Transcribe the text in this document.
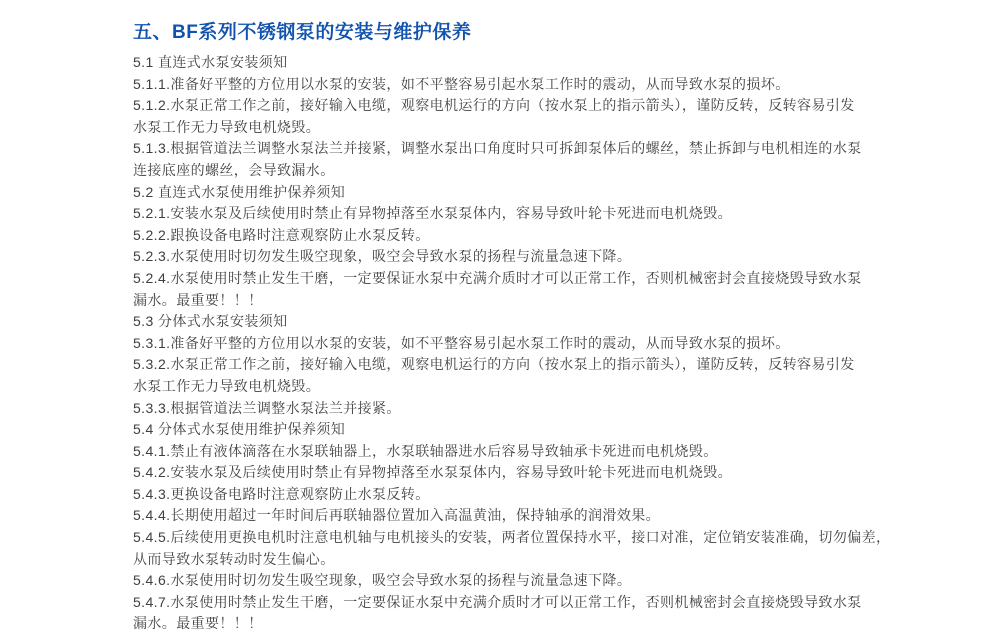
五、BF系列不锈钢泵的安装与维护保养
5.1 直连式水泵安装须知
5.1.1.准备好平整的方位用以水泵的安装，如不平整容易引起水泵工作时的震动，从而导致水泵的损坏。
5.1.2.水泵正常工作之前，接好输入电缆，观察电机运行的方向（按水泵上的指示箭头），谨防反转，反转容易引发
水泵工作无力导致电机烧毁。
5.1.3.根据管道法兰调整水泵法兰并接紧，调整水泵出口角度时只可拆卸泵体后的螺丝，禁止拆卸与电机相连的水泵
连接底座的螺丝，会导致漏水。
5.2 直连式水泵使用维护保养须知
5.2.1.安装水泵及后续使用时禁止有异物掉落至水泵泵体内，容易导致叶轮卡死进而电机烧毁。
5.2.2.跟换设备电路时注意观察防止水泵反转。
5.2.3.水泵使用时切勿发生吸空现象，吸空会导致水泵的扬程与流量急速下降。
5.2.4.水泵使用时禁止发生干磨，一定要保证水泵中充满介质时才可以正常工作，否则机械密封会直接烧毁导致水泵
漏水。最重要！！！
5.3 分体式水泵安装须知
5.3.1.准备好平整的方位用以水泵的安装，如不平整容易引起水泵工作时的震动，从而导致水泵的损坏。
5.3.2.水泵正常工作之前，接好输入电缆，观察电机运行的方向（按水泵上的指示箭头），谨防反转，反转容易引发
水泵工作无力导致电机烧毁。
5.3.3.根据管道法兰调整水泵法兰并接紧。
5.4 分体式水泵使用维护保养须知
5.4.1.禁止有液体滴落在水泵联轴器上，水泵联轴器进水后容易导致轴承卡死进而电机烧毁。
5.4.2.安装水泵及后续使用时禁止有异物掉落至水泵泵体内，容易导致叶轮卡死进而电机烧毁。
5.4.3.更换设备电路时注意观察防止水泵反转。
5.4.4.长期使用超过一年时间后再联轴器位置加入高温黄油，保持轴承的润滑效果。
5.4.5.后续使用更换电机时注意电机轴与电机接头的安装，两者位置保持水平，接口对准，定位销安装准确，切勿偏差，
从而导致水泵转动时发生偏心。
5.4.6.水泵使用时切勿发生吸空现象，吸空会导致水泵的扬程与流量急速下降。
5.4.7.水泵使用时禁止发生干磨，一定要保证水泵中充满介质时才可以正常工作，否则机械密封会直接烧毁导致水泵
漏水。最重要！！！
